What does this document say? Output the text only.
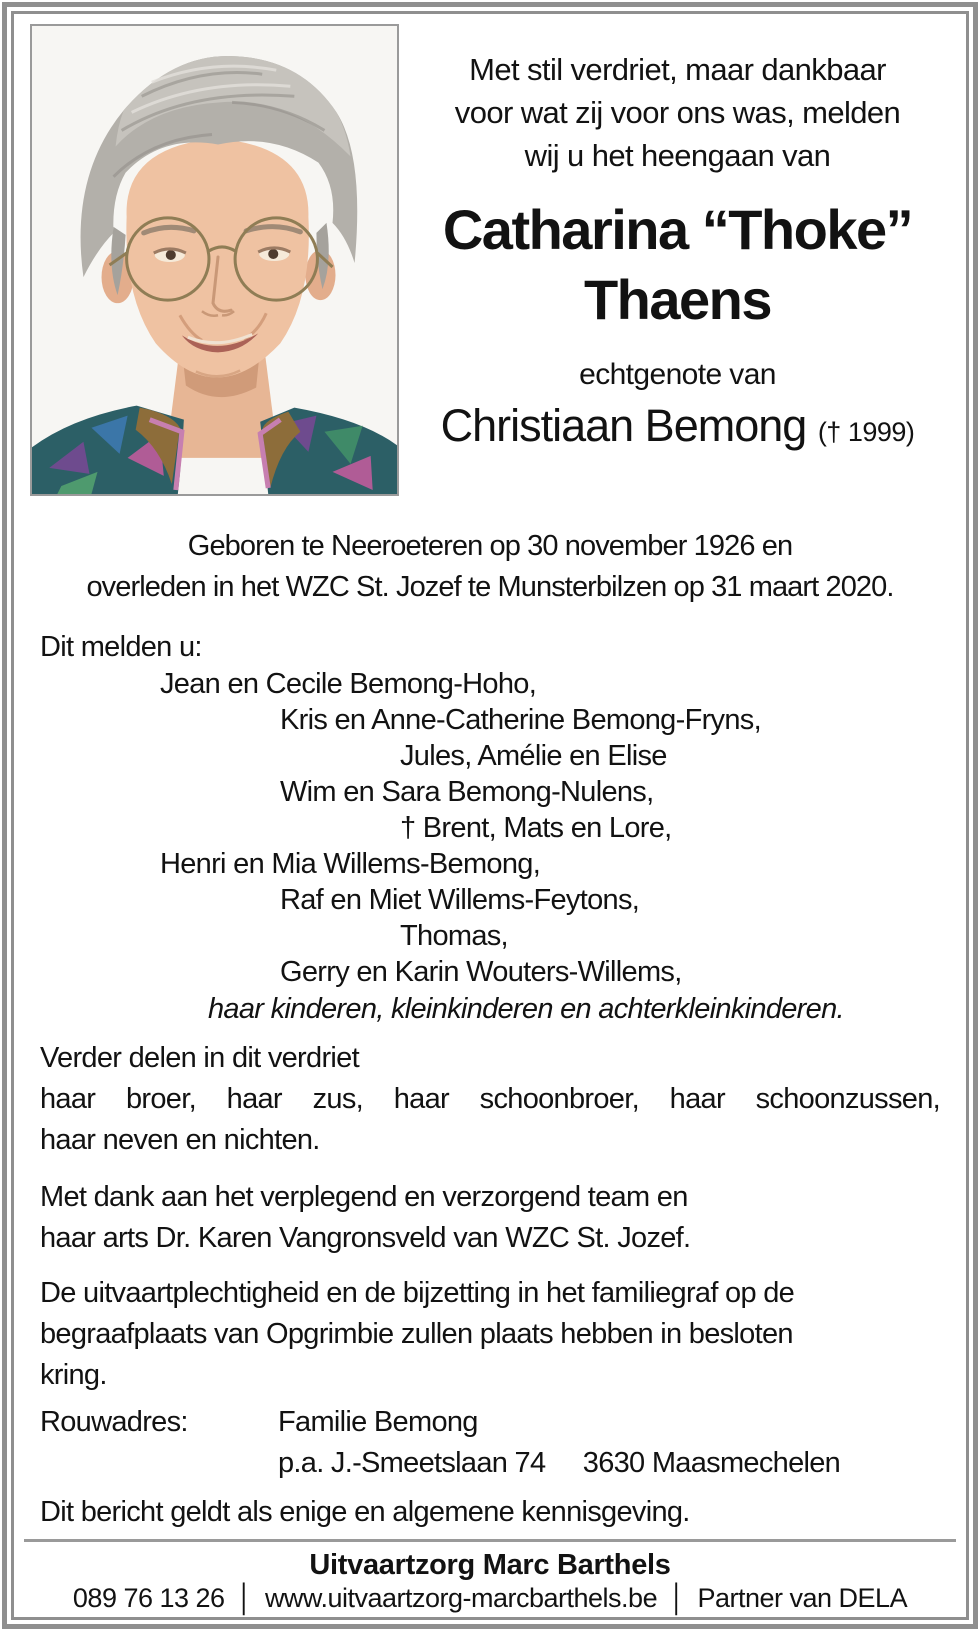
Met stil verdriet, maar dankbaar
voor wat zij voor ons was, melden
wij u het heengaan van
Catharina “Thoke”
Thaens
echtgenote van
Christiaan Bemong († 1999)
Geboren te Neeroeteren op 30 november 1926 en
overleden in het WZC St. Jozef te Munsterbilzen op 31 maart 2020.
Dit melden u:
Jean en Cecile Bemong-Hoho,
Kris en Anne-Catherine Bemong-Fryns,
Jules, Amélie en Elise
Wim en Sara Bemong-Nulens,
† Brent, Mats en Lore,
Henri en Mia Willems-Bemong,
Raf en Miet Willems-Feytons,
Thomas,
Gerry en Karin Wouters-Willems,
haar kinderen, kleinkinderen en achterkleinkinderen.
Verder delen in dit verdriet
haar broer, haar zus, haar schoonbroer, haar schoonzussen,
haar neven en nichten.
Met dank aan het verplegend en verzorgend team en
haar arts Dr. Karen Vangronsveld van WZC St. Jozef.
De uitvaartplechtigheid en de bijzetting in het familiegraf op de
begraafplaats van Opgrimbie zullen plaats hebben in besloten
kring.
Rouwadres:	Familie Bemong
p.a. J.-Smeetslaan 74 3630 Maasmechelen
Dit bericht geldt als enige en algemene kennisgeving.
Uitvaartzorg Marc Barthels
089 76 13 26 │ www.uitvaartzorg-marcbarthels.be │ Partner van DELA
